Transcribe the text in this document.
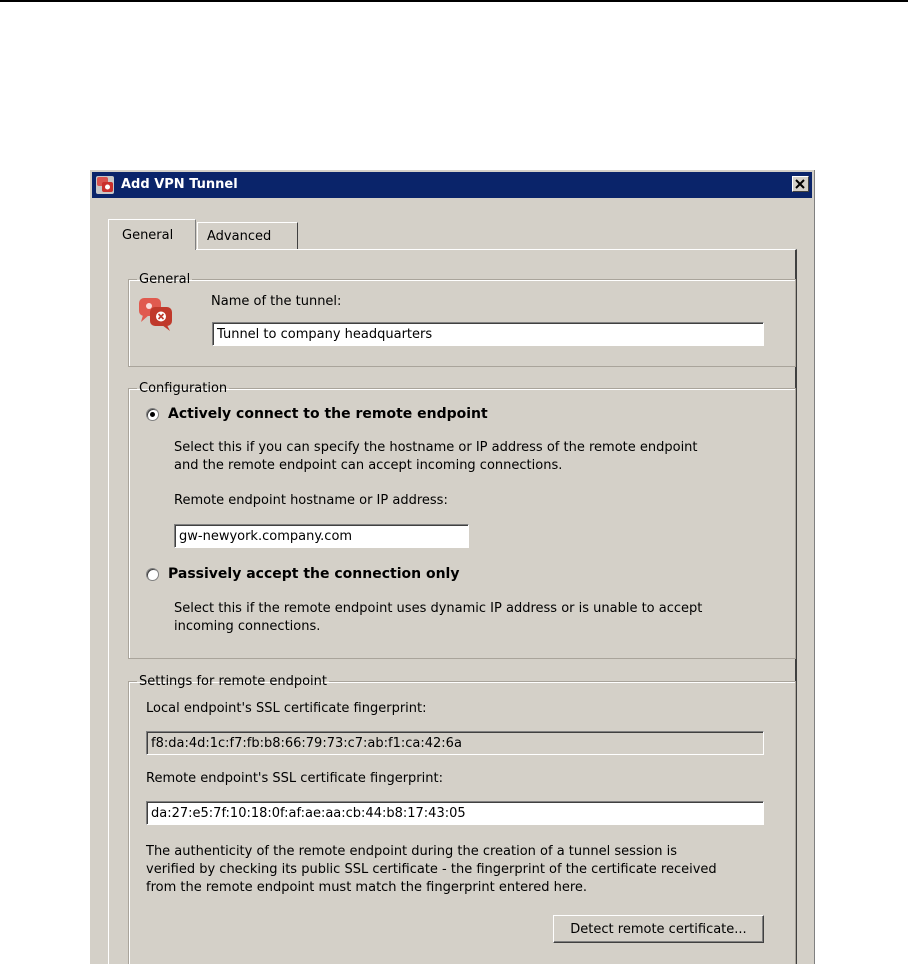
Add VPN Tunnel
General	Advanced
General
Name of the tunnel:
Tunnel to company headquarters
Configuration
Actively connect to the remote endpoint
Select this if you can specify the hostname or IP address of the remote endpoint
and the remote endpoint can accept incoming connections.
Remote endpoint hostname or IP address:
gw-newyork.company.com
Passively accept the connection only
Select this if the remote endpoint uses dynamic IP address or is unable to accept
incoming connections.
Settings for remote endpoint
Local endpoint's SSL certificate fingerprint:
f8:da:4d:1c:f7:fb:b8:66:79:73:c7:ab:f1:ca:42:6a
Remote endpoint's SSL certificate fingerprint:
da:27:e5:7f:10:18:0f:af:ae:aa:cb:44:b8:17:43:05
The authenticity of the remote endpoint during the creation of a tunnel session is
verified by checking its public SSL certificate - the fingerprint of the certificate received
from the remote endpoint must match the fingerprint entered here.
Detect remote certificate...
